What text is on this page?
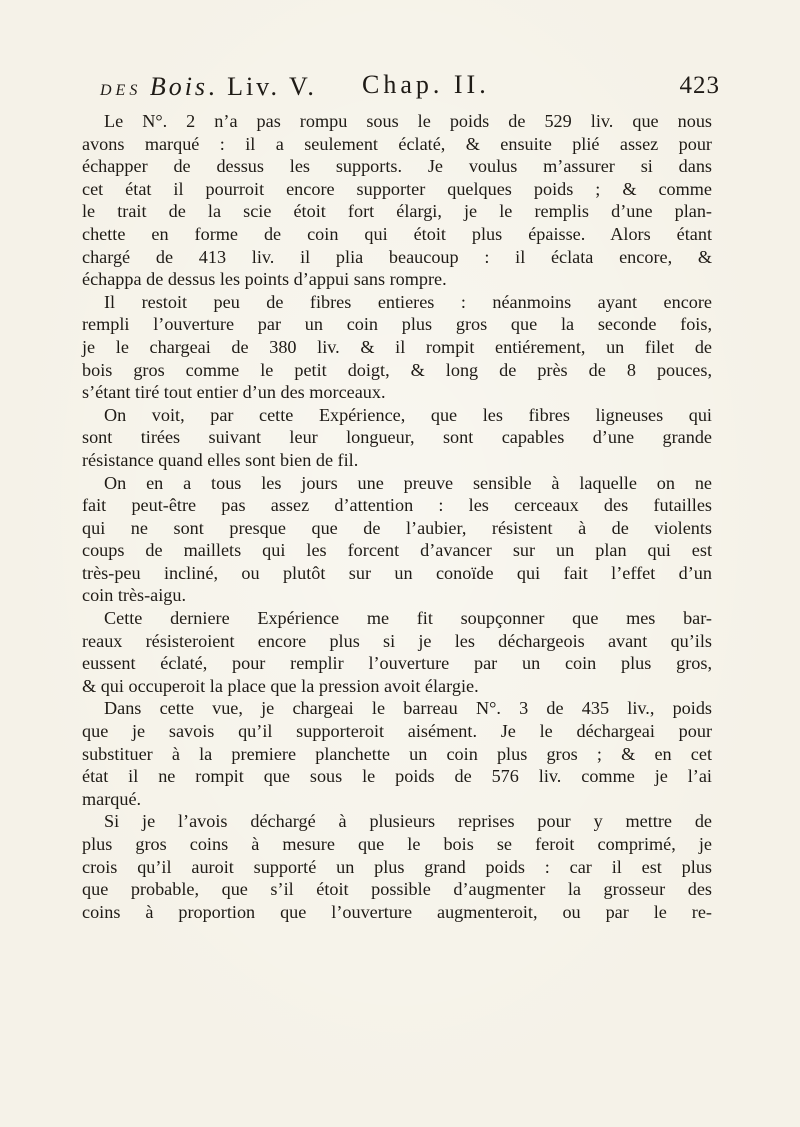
DES Bois. Liv. V. Chap. II.	423
Le N°. 2 n’a pas rompu sous le poids de 529 liv. que nous
avons marqué : il a seulement éclaté, & ensuite plié assez pour
échapper de dessus les supports. Je voulus m’assurer si dans
cet état il pourroit encore supporter quelques poids ; & comme
le trait de la scie étoit fort élargi, je le remplis d’une plan-
chette en forme de coin qui étoit plus épaisse. Alors étant
chargé de 413 liv. il plia beaucoup : il éclata encore, &
échappa de dessus les points d’appui sans rompre.
Il restoit peu de fibres entieres : néanmoins ayant encore
rempli l’ouverture par un coin plus gros que la seconde fois,
je le chargeai de 380 liv. & il rompit entiérement, un filet de
bois gros comme le petit doigt, & long de près de 8 pouces,
s’étant tiré tout entier d’un des morceaux.
On voit, par cette Expérience, que les fibres ligneuses qui
sont tirées suivant leur longueur, sont capables d’une grande
résistance quand elles sont bien de fil.
On en a tous les jours une preuve sensible à laquelle on ne
fait peut-être pas assez d’attention : les cerceaux des futailles
qui ne sont presque que de l’aubier, résistent à de violents
coups de maillets qui les forcent d’avancer sur un plan qui est
très-peu incliné, ou plutôt sur un conoïde qui fait l’effet d’un
coin très-aigu.
Cette derniere Expérience me fit soupçonner que mes bar-
reaux résisteroient encore plus si je les déchargeois avant qu’ils
eussent éclaté, pour remplir l’ouverture par un coin plus gros,
& qui occuperoit la place que la pression avoit élargie.
Dans cette vue, je chargeai le barreau N°. 3 de 435 liv., poids
que je savois qu’il supporteroit aisément. Je le déchargeai pour
substituer à la premiere planchette un coin plus gros ; & en cet
état il ne rompit que sous le poids de 576 liv. comme je l’ai
marqué.
Si je l’avois déchargé à plusieurs reprises pour y mettre de
plus gros coins à mesure que le bois se feroit comprimé, je
crois qu’il auroit supporté un plus grand poids : car il est plus
que probable, que s’il étoit possible d’augmenter la grosseur des
coins à proportion que l’ouverture augmenteroit, ou par le re-
